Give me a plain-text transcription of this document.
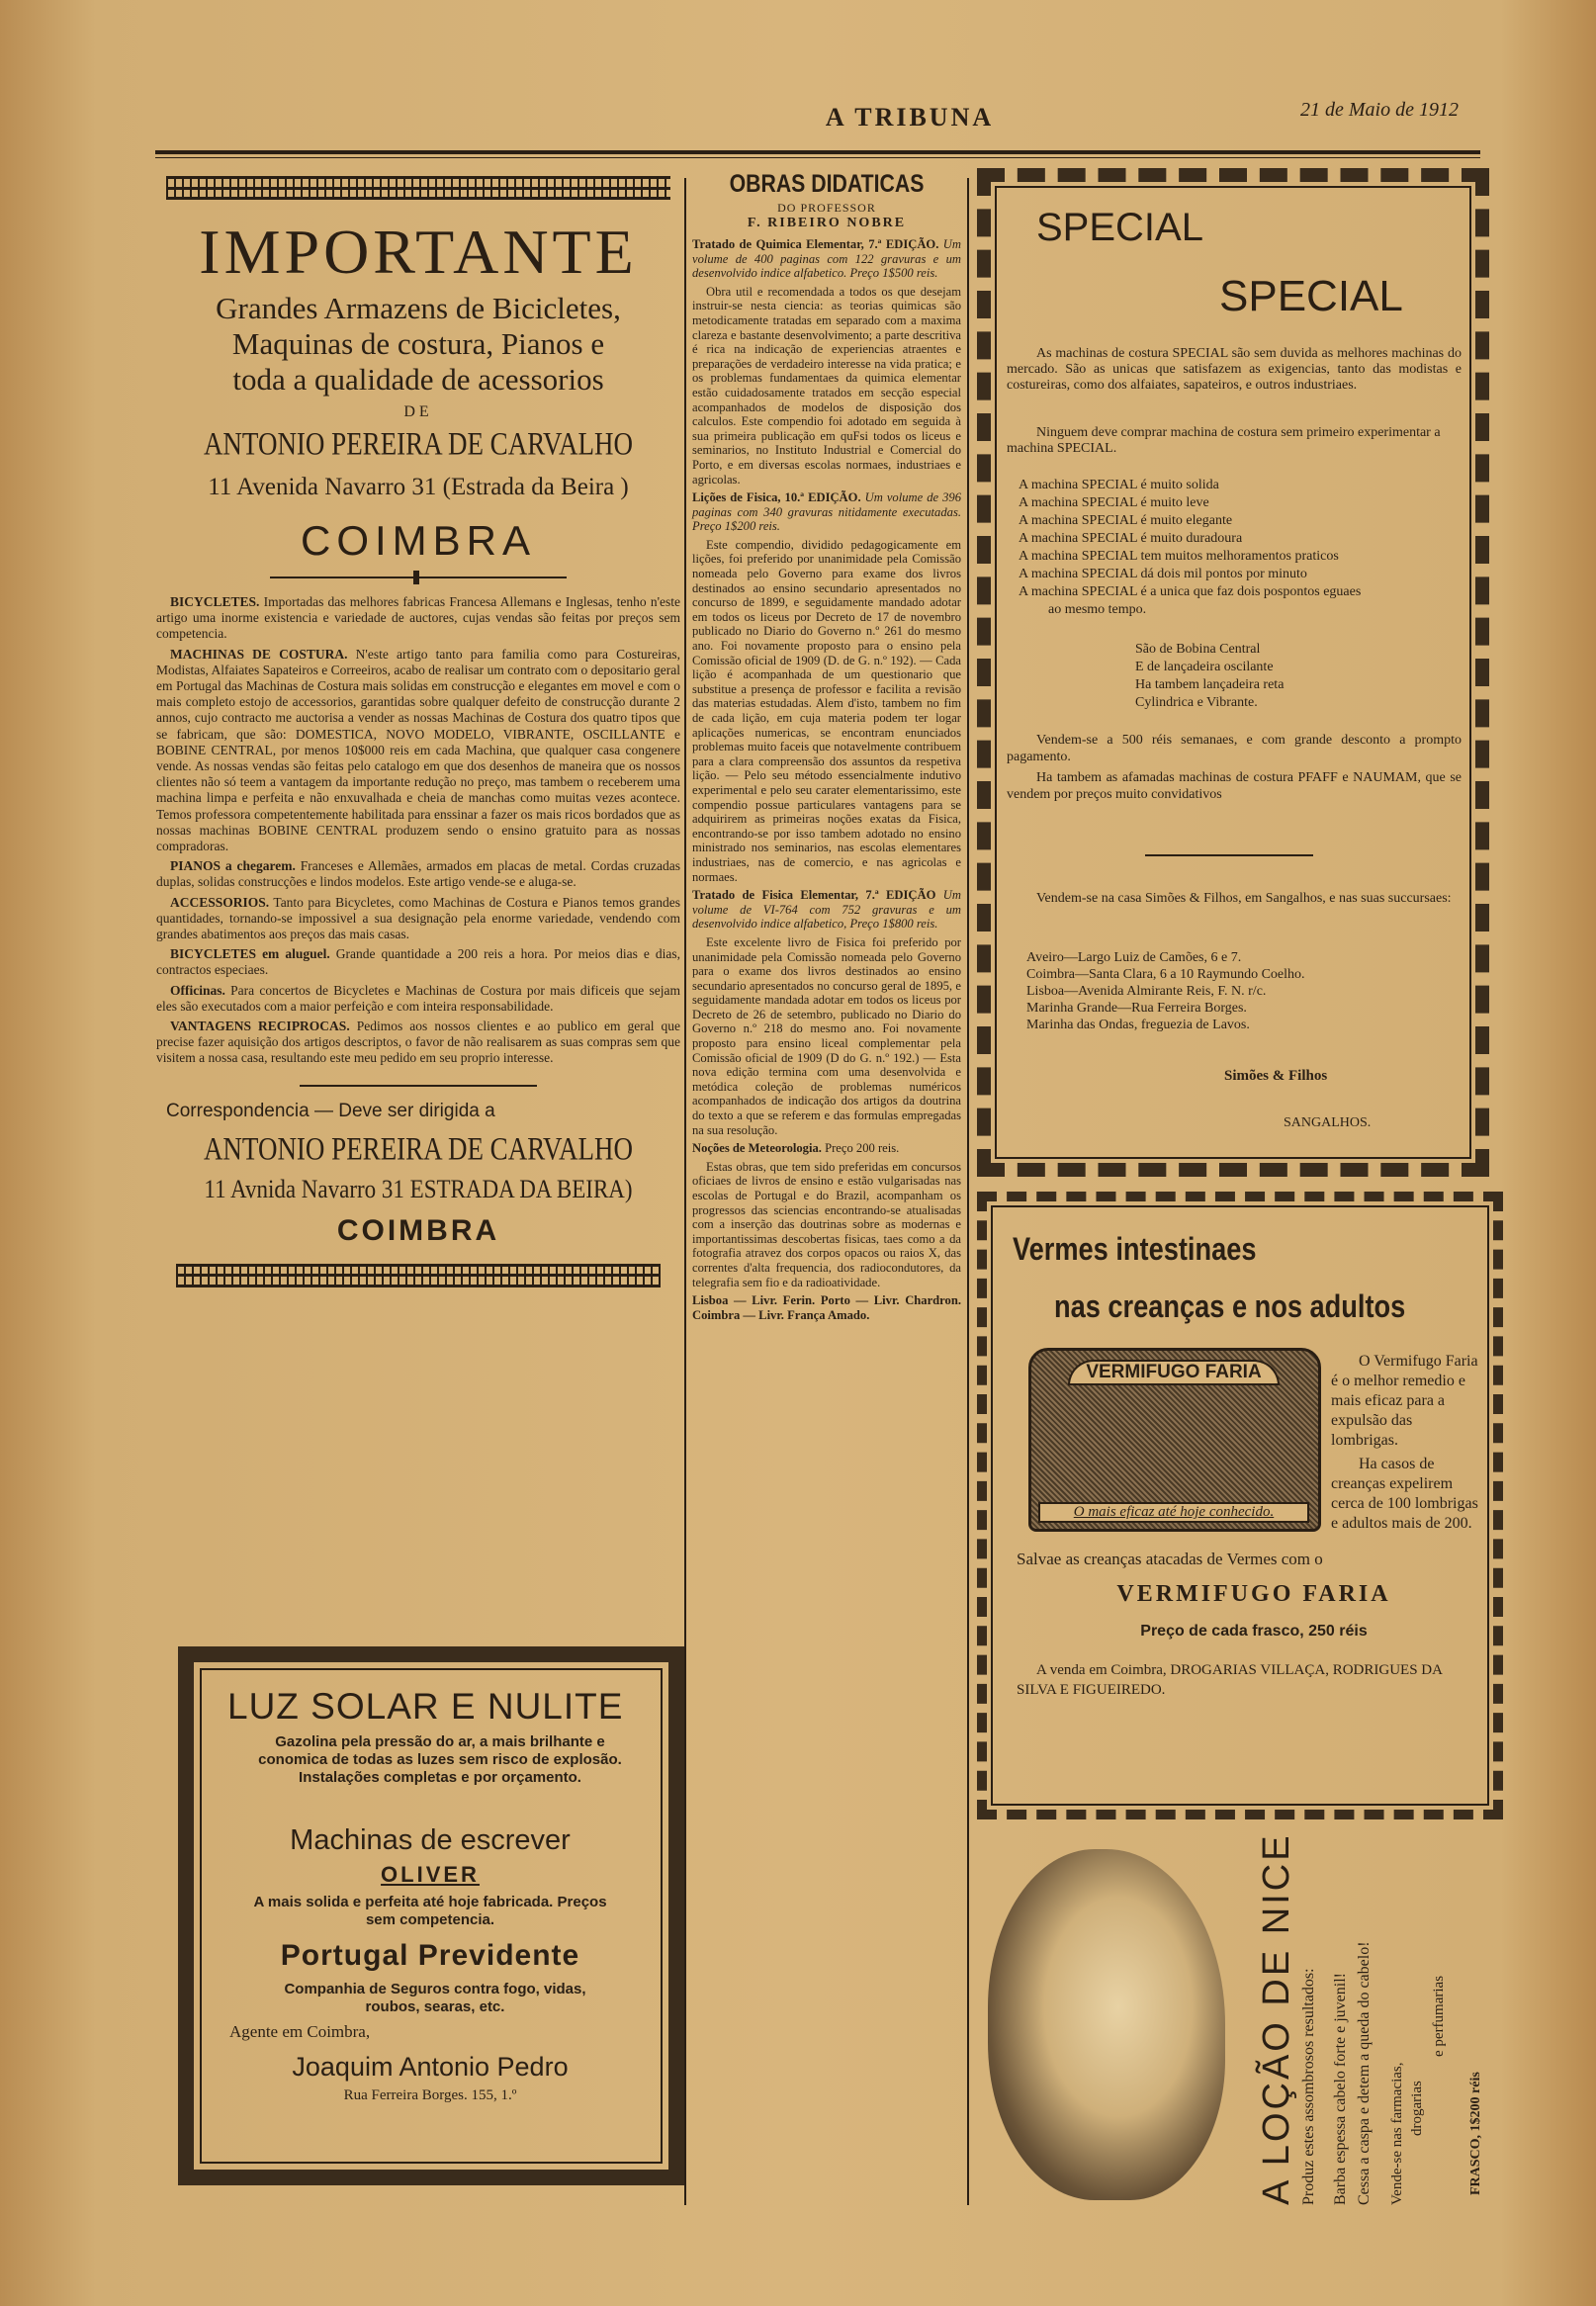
A TRIBUNA	21 de Maio de 1912
IMPORTANTE
Grandes Armazens de Bicicletes,
Maquinas de costura, Pianos e
toda a qualidade de acessorios
DE
ANTONIO PEREIRA DE CARVALHO
11 Avenida Navarro 31 (Estrada da Beira )
COIMBRA

BICYCLETES. Importadas das melhores fabricas Francesa Allemans e Inglesas, tenho n'este artigo uma inorme existencia e variedade de auctores, cujas vendas são feitas por preços sem competencia.

MACHINAS DE COSTURA. N'este artigo tanto para familia como para Costureiras, Modistas, Alfaiates Sapateiros e Correeiros, acabo de realisar um contrato com o depositario geral em Portugal das Machinas de Costura mais solidas em construcção e elegantes em movel e com o mais completo estojo de accessorios, garantidas sobre qualquer defeito de construcção durante 2 annos, cujo contracto me auctorisa a vender as nossas Machinas de Costura dos quatro tipos que se fabricam, que são: DOMESTICA, NOVO MODELO, VIBRANTE, OSCILLANTE e BOBINE CENTRAL, por menos 10$000 reis em cada Machina, que qualquer casa congenere vende. As nossas vendas são feitas pelo catalogo em que dos desenhos de maneira que os nossos clientes não só teem a vantagem da importante redução no preço, mas tambem o receberem uma machina limpa e perfeita e não enxuvalhada e cheia de manchas como muitas vezes acontece. Temos professora competentemente habilitada para enssinar a fazer os mais ricos bordados que as nossas machinas BOBINE CENTRAL produzem sendo o ensino gratuito para as nossas compradoras.

PIANOS a chegarem. Franceses e Allemães, armados em placas de metal. Cordas cruzadas duplas, solidas construcções e lindos modelos. Este artigo vende-se e aluga-se.

ACCESSORIOS. Tanto para Bicycletes, como Machinas de Costura e Pianos temos grandes quantidades, tornando-se impossivel a sua designação pela enorme variedade, vendendo com grandes abatimentos aos preços das mais casas.

BICYCLETES em aluguel. Grande quantidade a 200 reis a hora. Por meios dias e dias, contractos especiaes.

Officinas. Para concertos de Bicycletes e Machinas de Costura por mais dificeis que sejam eles são executados com a maior perfeição e com inteira responsabilidade.

VANTAGENS RECIPROCAS. Pedimos aos nossos clientes e ao publico em geral que precise fazer aquisição dos artigos descriptos, o favor de não realisarem as suas compras sem que visitem a nossa casa, resultando este meu pedido em seu proprio interesse.

Correspondencia — Deve ser dirigida a
ANTONIO PEREIRA DE CARVALHO
11 Avnida Navarro 31 ESTRADA DA BEIRA)
COIMBRA
LUZ SOLAR E NULITE
Gazolina pela pressão do ar, a mais brilhante e conomica de todas as luzes sem risco de explosão. Instalações completas e por orçamento.
Machinas de escrever
OLIVER
A mais solida e perfeita até hoje fabricada. Preços sem competencia.
Portugal Previdente
Companhia de Seguros contra fogo, vidas, roubos, searas, etc.
Agente em Coimbra,
Joaquim Antonio Pedro
Rua Ferreira Borges. 155, 1.º
OBRAS DIDATICAS
DO PROFESSOR
F. RIBEIRO NOBRE

Tratado de Quimica Elementar, 7.ª EDIÇÃO. Um volume de 400 paginas com 122 gravuras e um desenvolvido indice alfabetico. Preço 1$500 reis.

Obra util e recomendada a todos os que desejam instruir-se nesta ciencia: as teorias quimicas são metodicamente tratadas em separado com a maxima clareza e bastante desenvolvimento; a parte descritiva é rica na indicação de experiencias atraentes e preparações de verdadeiro interesse na vida pratica; e os problemas fundamentaes da quimica elementar estão cuidadosamente tratados em secção especial acompanhados de modelos de disposição dos calculos. Este compendio foi adotado em seguida à sua primeira publicação em quFsi todos os liceus e seminarios, no Instituto Industrial e Comercial do Porto, e em diversas escolas normaes, industriaes e agricolas.

Lições de Fisica, 10.ª EDIÇÃO. Um volume de 396 paginas com 340 gravuras nitidamente executadas. Preço 1$200 reis.

Este compendio, dividido pedagogicamente em lições, foi preferido por unanimidade pela Comissão nomeada pelo Governo para exame dos livros destinados ao ensino secundario apresentados no concurso de 1899, e seguidamente mandado adotar em todos os liceus por Decreto de 17 de novembro publicado no Diario do Governo n.º 261 do mesmo ano. Foi novamente proposto para o ensino pela Comissão oficial de 1909 (D. de G. n.º 192). — Cada lição é acompanhada de um questionario que substitue a presença de professor e facilita a revisão das materias estudadas. Alem d'isto, tambem no fim de cada lição, em cuja materia podem ter logar aplicações numericas, se encontram enunciados problemas muito faceis que notavelmente contribuem para a clara compreensão dos assuntos da respetiva lição. — Pelo seu método essencialmente indutivo experimental e pelo seu carater elementarissimo, este compendio possue particulares vantagens para se adquirirem as primeiras noções exatas da Fisica, encontrando-se por isso tambem adotado no ensino ministrado nos seminarios, nas escolas elementares industriaes, nas de comercio, e nas agricolas e normaes.

Tratado de Fisica Elementar, 7.ª EDIÇÃO Um volume de VI-764 com 752 gravuras e um desenvolvido indice alfabetico, Preço 1$800 reis.

Este excelente livro de Fisica foi preferido por unanimidade pela Comissão nomeada pelo Governo para o exame dos livros destinados ao ensino secundario apresentados no concurso geral de 1895, e seguidamente mandada adotar em todos os liceus por Decreto de 26 de setembro, publicado no Diario do Governo n.º 218 do mesmo ano. Foi novamente proposto para ensino liceal complementar pela Comissão oficial de 1909 (D do G. n.º 192.) — Esta nova edição termina com uma desenvolvida e metódica coleção de problemas numéricos acompanhados de indicação dos artigos da doutrina do texto a que se referem e das formulas empregadas na sua resolução.

Noções de Meteorologia. Preço 200 reis.

Estas obras, que tem sido preferidas em concursos oficiaes de livros de ensino e estão vulgarisadas nas escolas de Portugal e do Brazil, acompanham os progressos das sciencias encontrando-se atualisadas com a inserção das doutrinas sobre as modernas e importantissimas descobertas fisicas, taes como a da fotografia atravez dos corpos opacos ou raios X, das correntes d'alta frequencia, dos radiocondutores, da telegrafia sem fio e da radioatividade.

Lisboa — Livr. Ferin. Porto — Livr. Chardron. Coimbra — Livr. França Amado.

SPECIAL
SPECIAL
As machinas de costura SPECIAL são sem duvida as melhores machinas do mercado. São as unicas que satisfazem as exigencias, tanto das modistas e costureiras, como dos alfaiates, sapateiros, e outros industriaes.
Ninguem deve comprar machina de costura sem primeiro experimentar a machina SPECIAL.
A machina SPECIAL é muito solida
A machina SPECIAL é muito leve
A machina SPECIAL é muito elegante
A machina SPECIAL é muito duradoura
A machina SPECIAL tem muitos melhoramentos praticos
A machina SPECIAL dá dois mil pontos por minuto
A machina SPECIAL é a unica que faz dois pospontos eguaes
ao mesmo tempo.
São de Bobina Central
E de lançadeira oscilante
Ha tambem lançadeira reta
Cylindrica e Vibrante.
Vendem-se a 500 réis semanaes, e com grande desconto a prompto pagamento.
Ha tambem as afamadas machinas de costura PFAFF e NAUMAM, que se vendem por preços muito convidativos
Vendem-se na casa Simões & Filhos, em Sangalhos, e nas suas succursaes:
Aveiro—Largo Luiz de Camões, 6 e 7.
Coimbra—Santa Clara, 6 a 10 Raymundo Coelho.
Lisboa—Avenida Almirante Reis, F. N. r/c.
Marinha Grande—Rua Ferreira Borges.
Marinha das Ondas, freguezia de Lavos.
Simões & Filhos
SANGALHOS.
Vermes intestinaes
nas creanças e nos adultos
VERMIFUGO FARIA
O mais eficaz até hoje conhecido.
O Vermifugo Faria é o melhor remedio e mais eficaz para a expulsão das lombrigas.
Ha casos de creanças expelirem cerca de 100 lombrigas e adultos mais de 200.
Salvae as creanças atacadas de Vermes com o
VERMIFUGO FARIA
Preço de cada frasco, 250 réis
A venda em Coimbra, DROGARIAS VILLAÇA, RODRIGUES DA SILVA E FIGUEIREDO.
A LOÇÃO DE NICE Produz estes assombrosos resultados: Barba espessa cabelo forte e juvenil! Cessa a caspa e detem a queda do cabelo! Vende-se nas farmacias, drogarias
e perfumarias
FRASCO, 1$200 réis
